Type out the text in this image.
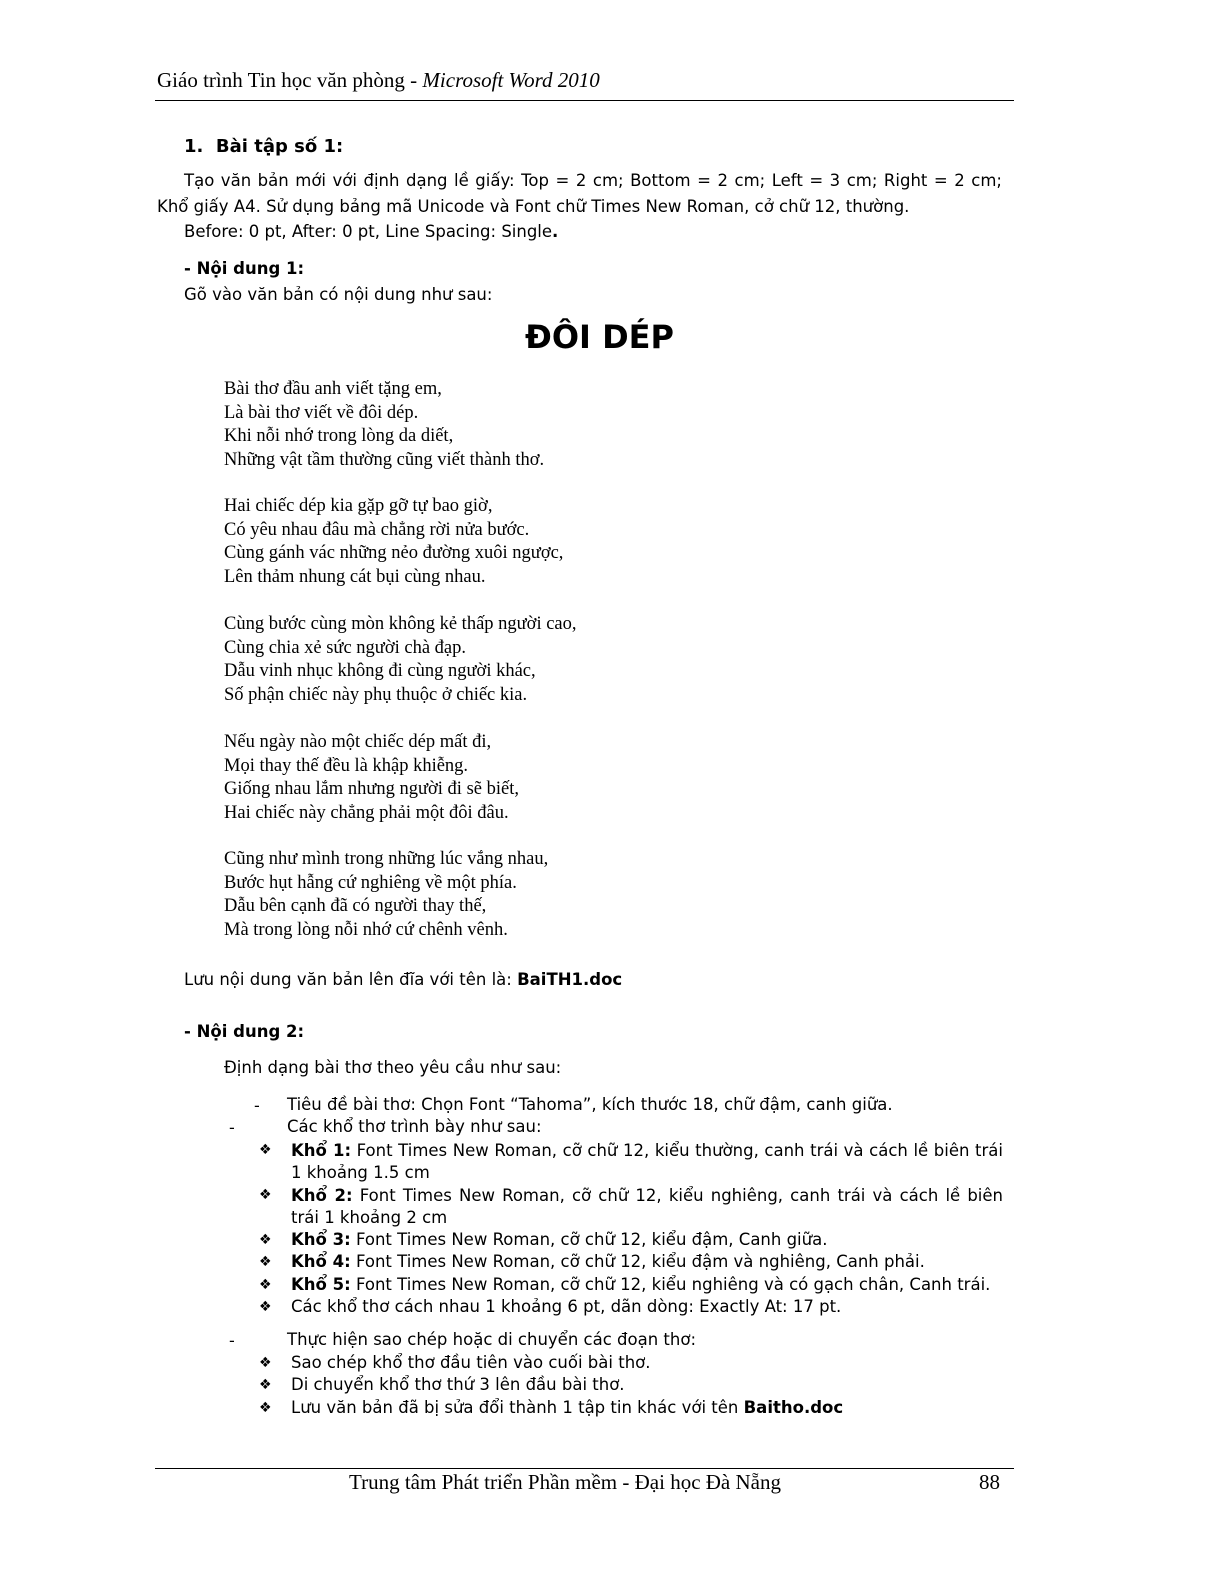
Giáo trình Tin học văn phòng - Microsoft Word 2010
1. Bài tập số 1:
Tạo văn bản mới với định dạng lề giấy: Top = 2 cm; Bottom = 2 cm; Left = 3 cm; Right = 2 cm;
Khổ giấy A4. Sử dụng bảng mã Unicode và Font chữ Times New Roman, cở chữ 12, thường.
Before: 0 pt, After: 0 pt, Line Spacing: Single.
- Nội dung 1:
Gõ vào văn bản có nội dung như sau:
ĐÔI DÉP
Bài thơ đầu anh viết tặng em,
Là bài thơ viết về đôi dép.
Khi nỗi nhớ trong lòng da diết,
Những vật tầm thường cũng viết thành thơ.
Hai chiếc dép kia gặp gỡ tự bao giờ,
Có yêu nhau đâu mà chẳng rời nửa bước.
Cùng gánh vác những nẻo đường xuôi ngược,
Lên thảm nhung cát bụi cùng nhau.
Cùng bước cùng mòn không kẻ thấp người cao,
Cùng chia xẻ sức người chà đạp.
Dẫu vinh nhục không đi cùng người khác,
Số phận chiếc này phụ thuộc ở chiếc kia.
Nếu ngày nào một chiếc dép mất đi,
Mọi thay thế đều là khập khiễng.
Giống nhau lắm nhưng người đi sẽ biết,
Hai chiếc này chẳng phải một đôi đâu.
Cũng như mình trong những lúc vắng nhau,
Bước hụt hẫng cứ nghiêng về một phía.
Dẫu bên cạnh đã có người thay thế,
Mà trong lòng nỗi nhớ cứ chênh vênh.
Lưu nội dung văn bản lên đĩa với tên là: BaiTH1.doc
- Nội dung 2:
Định dạng bài thơ theo yêu cầu như sau:
- Tiêu đề bài thơ: Chọn Font “Tahoma”, kích thước 18, chữ đậm, canh giữa.
-	Các khổ thơ trình bày như sau:
❖ Khổ 1: Font Times New Roman, cỡ chữ 12, kiểu thường, canh trái và cách lề biên trái
1 khoảng 1.5 cm
❖ Khổ 2: Font Times New Roman, cỡ chữ 12, kiểu nghiêng, canh trái và cách lề biên
trái 1 khoảng 2 cm
❖ Khổ 3: Font Times New Roman, cỡ chữ 12, kiểu đậm, Canh giữa.
❖ Khổ 4: Font Times New Roman, cỡ chữ 12, kiểu đậm và nghiêng, Canh phải.
❖ Khổ 5: Font Times New Roman, cỡ chữ 12, kiểu nghiêng và có gạch chân, Canh trái.
❖ Các khổ thơ cách nhau 1 khoảng 6 pt, dãn dòng: Exactly At: 17 pt.
-	Thực hiện sao chép hoặc di chuyển các đoạn thơ:
❖ Sao chép khổ thơ đầu tiên vào cuối bài thơ.
❖ Di chuyển khổ thơ thứ 3 lên đầu bài thơ.
❖ Lưu văn bản đã bị sửa đổi thành 1 tập tin khác với tên Baitho.doc
Trung tâm Phát triển Phần mềm - Đại học Đà Nẵng	88
